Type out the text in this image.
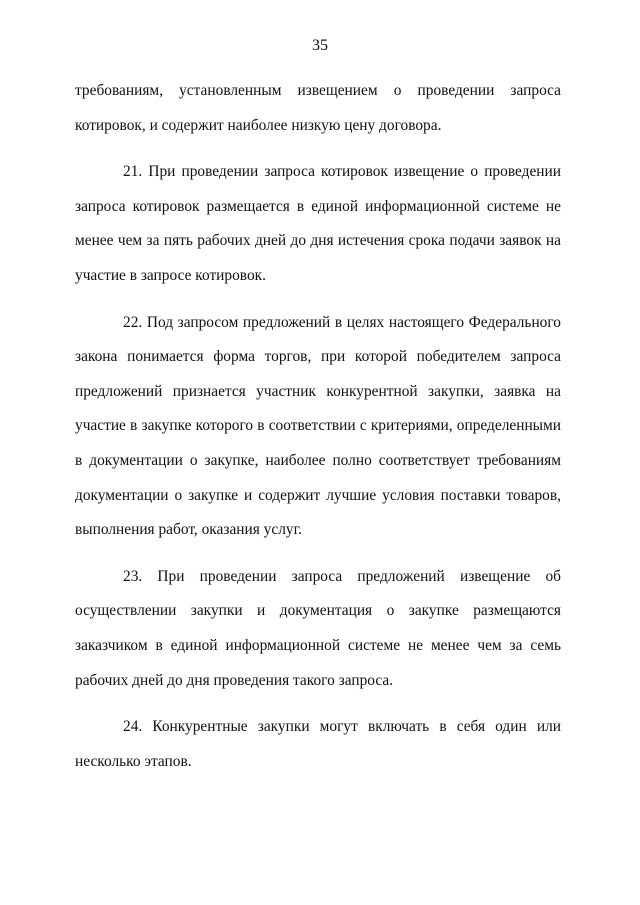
35

требованиям, установленным извещением о проведении запроса котировок, и содержит наиболее низкую цену договора.

21. При проведении запроса котировок извещение о проведении запроса котировок размещается в единой информационной системе не менее чем за пять рабочих дней до дня истечения срока подачи заявок на участие в запросе котировок.

22. Под запросом предложений в целях настоящего Федерального закона понимается форма торгов, при которой победителем запроса предложений признается участник конкурентной закупки, заявка на участие в закупке которого в соответствии с критериями, определенными в документации о закупке, наиболее полно соответствует требованиям документации о закупке и содержит лучшие условия поставки товаров, выполнения работ, оказания услуг.

23. При проведении запроса предложений извещение об осуществлении закупки и документация о закупке размещаются заказчиком в единой информационной системе не менее чем за семь рабочих дней до дня проведения такого запроса.

24. Конкурентные закупки могут включать в себя один или несколько этапов.
